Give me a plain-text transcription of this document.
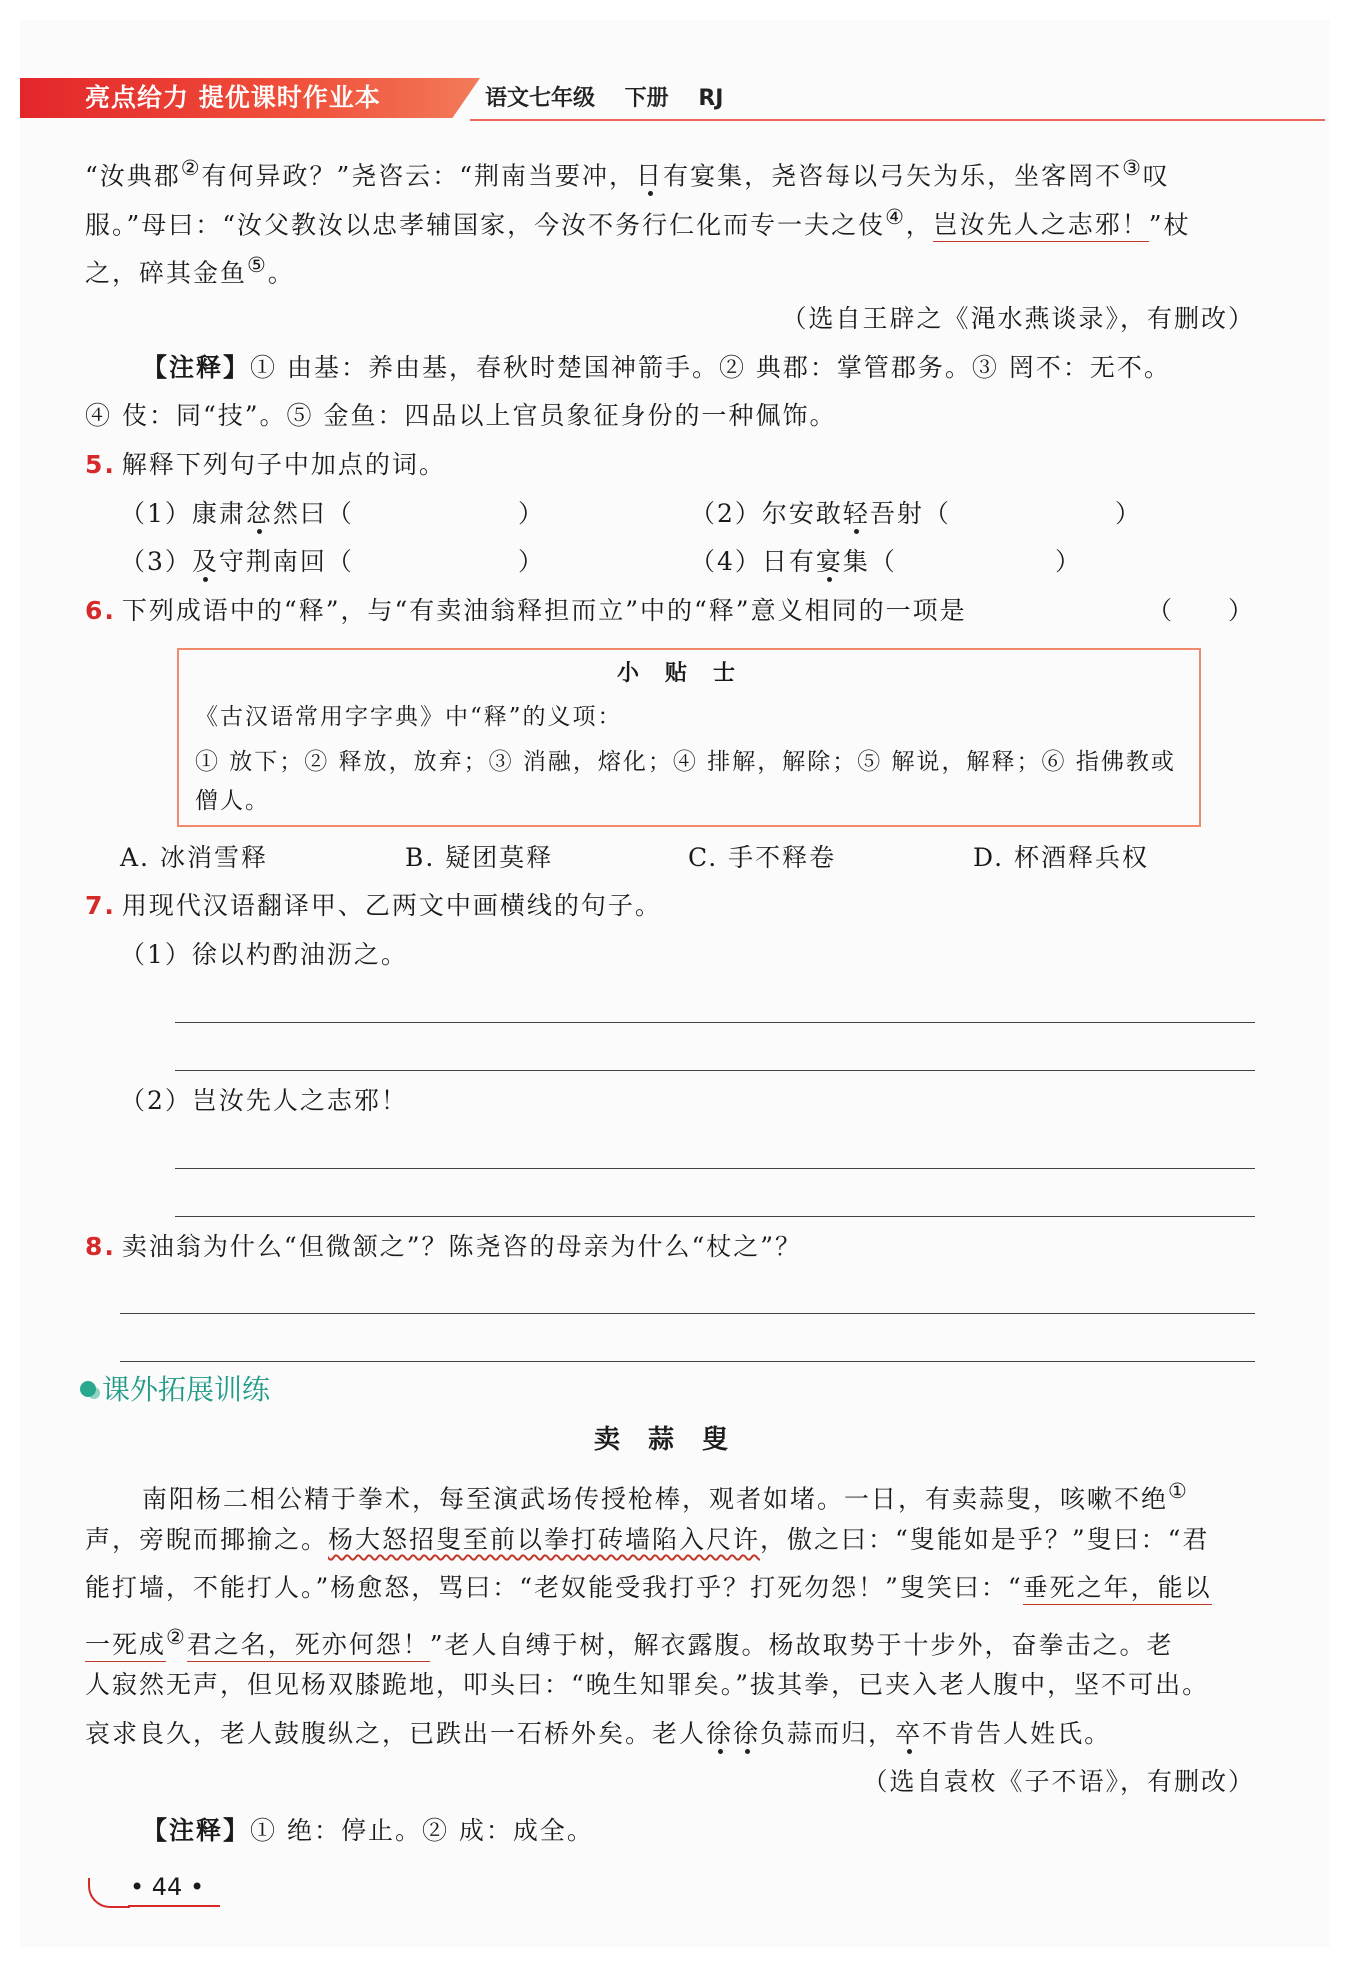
亮点给力 提优课时作业本	语文七年级 下册 RJ
“汝典郡②有何异政？”尧咨云：“荆南当要冲，日有宴集，尧咨每以弓矢为乐，坐客罔不③叹
服。”母曰：“汝父教汝以忠孝辅国家，今汝不务行仁化而专一夫之伎④，岂汝先人之志邪！”杖
之，碎其金鱼⑤。
（选自王辟之《渑水燕谈录》，有删改）
【注释】① 由基：养由基，春秋时楚国神箭手。② 典郡：掌管郡务。③ 罔不：无不。
④ 伎：同“技”。⑤ 金鱼：四品以上官员象征身份的一种佩饰。
5. 解释下列句子中加点的词。
（1）康肃忿然曰（	）	（2）尔安敢轻吾射（	）
（3）及守荆南回（	）	（4）日有宴集（	）
6. 下列成语中的“释”，与“有卖油翁释担而立”中的“释”意义相同的一项是	（　　）
小贴士
《古汉语常用字字典》中“释”的义项：
① 放下；② 释放，放弃；③ 消融，熔化；④ 排解，解除；⑤ 解说，解释；⑥ 指佛教或
僧人。
A. 冰消雪释	B. 疑团莫释	C. 手不释卷	D. 杯酒释兵权
7. 用现代汉语翻译甲、乙两文中画横线的句子。
（1）徐以杓酌油沥之。
（2）岂汝先人之志邪！
8. 卖油翁为什么“但微颔之”？陈尧咨的母亲为什么“杖之”？
课外拓展训练
卖蒜叟
南阳杨二相公精于拳术，每至演武场传授枪棒，观者如堵。一日，有卖蒜叟，咳嗽不绝①
声，旁睨而揶揄之。杨大怒招叟至前以拳打砖墙陷入尺许，傲之曰：“叟能如是乎？”叟曰：“君
能打墙，不能打人。”杨愈怒，骂曰：“老奴能受我打乎？打死勿怨！”叟笑曰：“垂死之年，能以
一死成②君之名，死亦何怨！”老人自缚于树，解衣露腹。杨故取势于十步外，奋拳击之。老
人寂然无声，但见杨双膝跪地，叩头曰：“晚生知罪矣。”拔其拳，已夹入老人腹中，坚不可出。
哀求良久，老人鼓腹纵之，已跌出一石桥外矣。老人徐徐负蒜而归，卒不肯告人姓氏。
（选自袁枚《子不语》，有删改）
【注释】① 绝：停止。② 成：成全。
• 44 •
